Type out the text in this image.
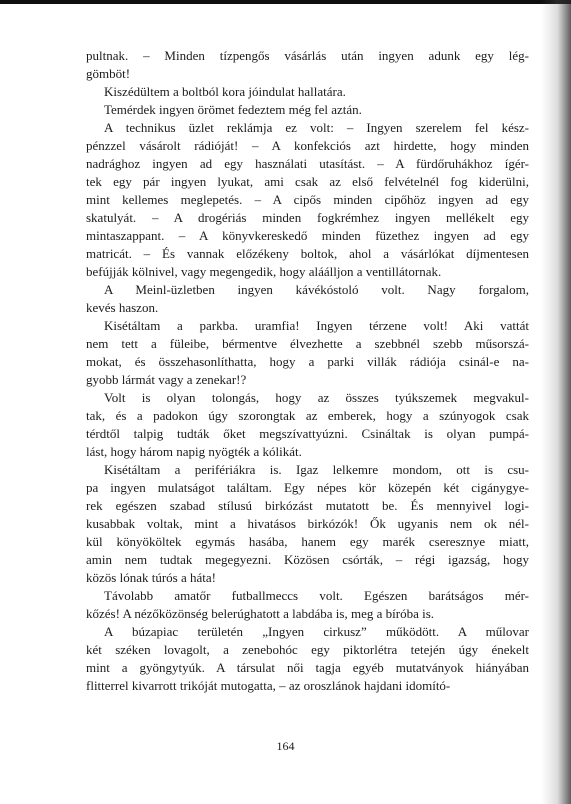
pultnak. – Minden tízpengős vásárlás után ingyen adunk egy lég-
gömböt!
Kiszédültem a boltból kora jóindulat hallatára.
Temérdek ingyen örömet fedeztem még fel aztán.
A technikus üzlet reklámja ez volt: – Ingyen szerelem fel kész-
pénzzel vásárolt rádióját! – A konfekciós azt hirdette, hogy minden
nadrághoz ingyen ad egy használati utasítást. – A fürdőruhákhoz ígér-
tek egy pár ingyen lyukat, ami csak az első felvételnél fog kiderülni,
mint kellemes meglepetés. – A cipős minden cipőhöz ingyen ad egy
skatulyát. – A drogériás minden fogkrémhez ingyen mellékelt egy
mintaszappant. – A könyvkereskedő minden füzethez ingyen ad egy
matricát. – És vannak előzékeny boltok, ahol a vásárlókat díjmentesen
befújják kölnivel, vagy megengedik, hogy aláálljon a ventillátornak.
A Meinl-üzletben ingyen kávékóstoló volt. Nagy forgalom,
kevés haszon.
Kisétáltam a parkba. uramfia! Ingyen térzene volt! Aki vattát
nem tett a füleibe, bérmentve élvezhette a szebbnél szebb műsorszá-
mokat, és összehasonlíthatta, hogy a parki villák rádiója csinál-e na-
gyobb lármát vagy a zenekar!?
Volt is olyan tolongás, hogy az összes tyúkszemek megvakul-
tak, és a padokon úgy szorongtak az emberek, hogy a szúnyogok csak
térdtől talpig tudták őket megszívattyúzni. Csináltak is olyan pumpá-
lást, hogy három napig nyögték a kólikát.
Kisétáltam a perifériákra is. Igaz lelkemre mondom, ott is csu-
pa ingyen mulatságot találtam. Egy népes kör közepén két cigánygye-
rek egészen szabad stílusú birkózást mutatott be. És mennyivel logi-
kusabbak voltak, mint a hivatásos birkózók! Ők ugyanis nem ok nél-
kül könyököltek egymás hasába, hanem egy marék cseresznye miatt,
amin nem tudtak megegyezni. Közösen csórták, – régi igazság, hogy
közös lónak túrós a háta!
Távolabb amatőr futballmeccs volt. Egészen barátságos mér-
kőzés! A nézőközönség belerúghatott a labdába is, meg a bíróba is.
A búzapiac területén „Ingyen cirkusz” működött. A műlovar
két széken lovagolt, a zenebohóc egy piktorlétra tetején úgy énekelt
mint a gyöngytyúk. A társulat női tagja egyéb mutatványok hiányában
flitterrel kivarrott trikóját mutogatta, – az oroszlánok hajdani idomító-
164
